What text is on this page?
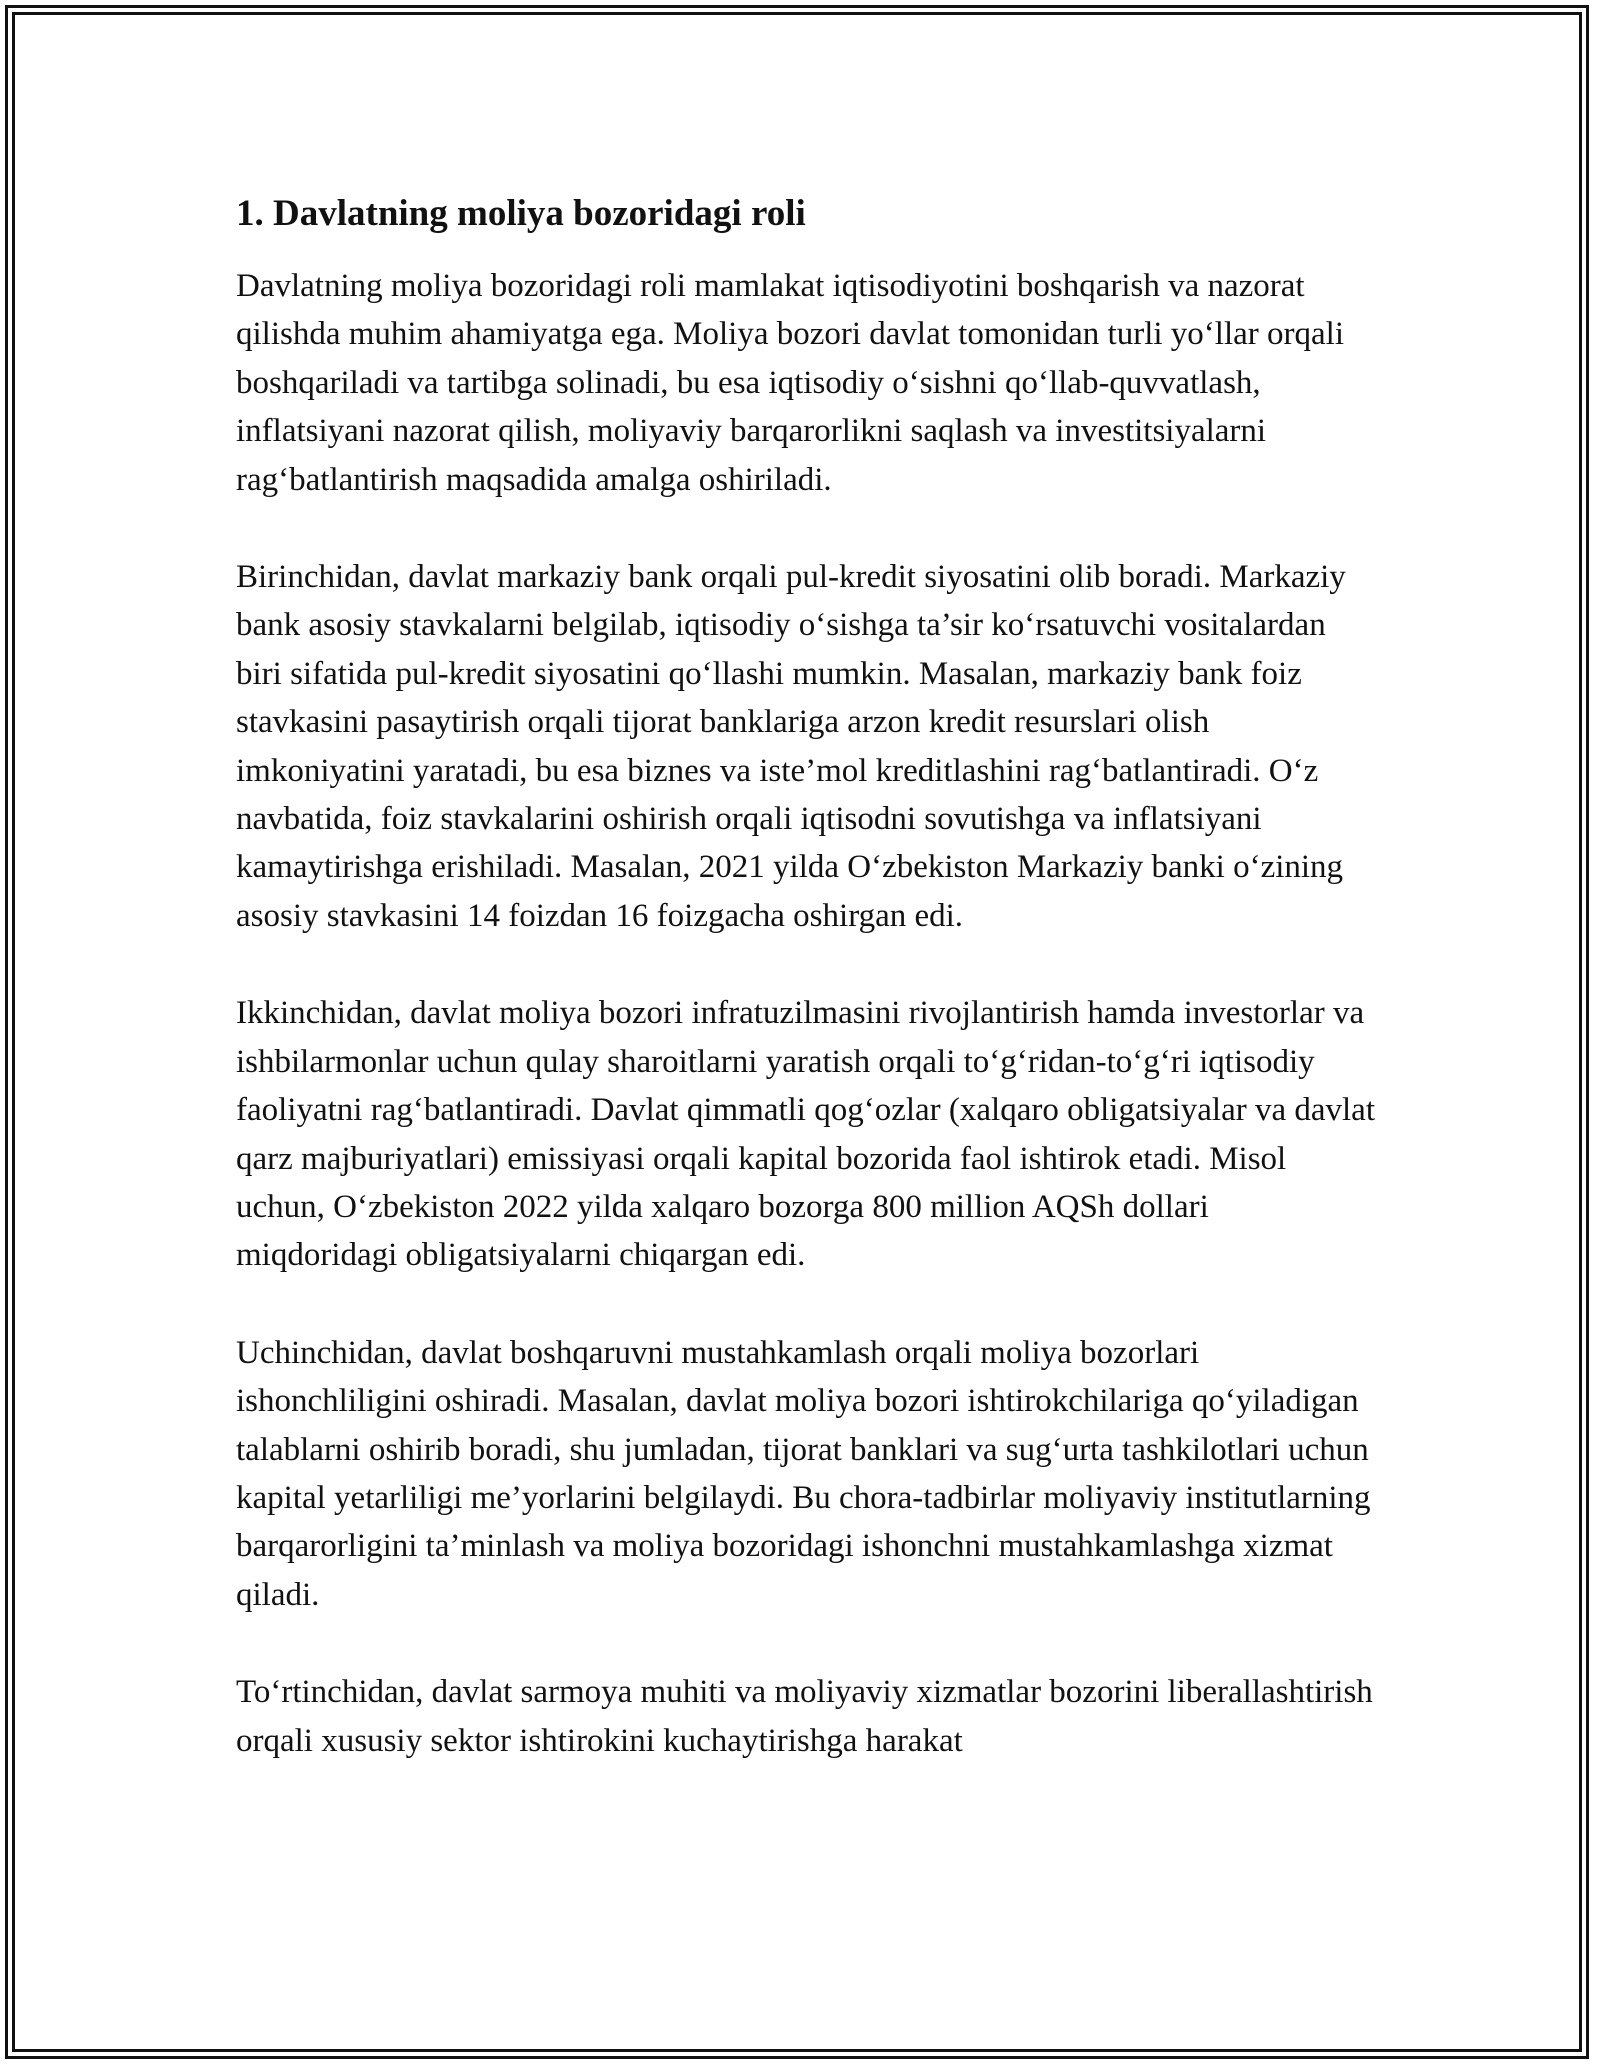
1. Davlatning moliya bozoridagi roli

Davlatning moliya bozoridagi roli mamlakat iqtisodiyotini boshqarish va nazorat qilishda muhim ahamiyatga ega. Moliya bozori davlat tomonidan turli yo‘llar orqali boshqariladi va tartibga solinadi, bu esa iqtisodiy o‘sishni qo‘llab-quvvatlash, inflatsiyani nazorat qilish, moliyaviy barqarorlikni saqlash va investitsiyalarni rag‘batlantirish maqsadida amalga oshiriladi.

Birinchidan, davlat markaziy bank orqali pul-kredit siyosatini olib boradi. Markaziy bank asosiy stavkalarni belgilab, iqtisodiy o‘sishga ta’sir ko‘rsatuvchi vositalardan biri sifatida pul-kredit siyosatini qo‘llashi mumkin. Masalan, markaziy bank foiz stavkasini pasaytirish orqali tijorat banklariga arzon kredit resurslari olish imkoniyatini yaratadi, bu esa biznes va iste’mol kreditlashini rag‘batlantiradi. O‘z navbatida, foiz stavkalarini oshirish orqali iqtisodni sovutishga va inflatsiyani kamaytirishga erishiladi. Masalan, 2021 yilda O‘zbekiston Markaziy banki o‘zining asosiy stavkasini 14 foizdan 16 foizgacha oshirgan edi.

Ikkinchidan, davlat moliya bozori infratuzilmasini rivojlantirish hamda investorlar va ishbilarmonlar uchun qulay sharoitlarni yaratish orqali to‘g‘ridan-to‘g‘ri iqtisodiy faoliyatni rag‘batlantiradi. Davlat qimmatli qog‘ozlar (xalqaro obligatsiyalar va davlat qarz majburiyatlari) emissiyasi orqali kapital bozorida faol ishtirok etadi. Misol uchun, O‘zbekiston 2022 yilda xalqaro bozorga 800 million AQSh dollari miqdoridagi obligatsiyalarni chiqargan edi.

Uchinchidan, davlat boshqaruvni mustahkamlash orqali moliya bozorlari ishonchliligini oshiradi. Masalan, davlat moliya bozori ishtirokchilariga qo‘yiladigan talablarni oshirib boradi, shu jumladan, tijorat banklari va sug‘urta tashkilotlari uchun kapital yetarliligi me’yorlarini belgilaydi. Bu chora-tadbirlar moliyaviy institutlarning barqarorligini ta’minlash va moliya bozoridagi ishonchni mustahkamlashga xizmat qiladi.

To‘rtinchidan, davlat sarmoya muhiti va moliyaviy xizmatlar bozorini liberallashtirish orqali xususiy sektor ishtirokini kuchaytirishga harakat
